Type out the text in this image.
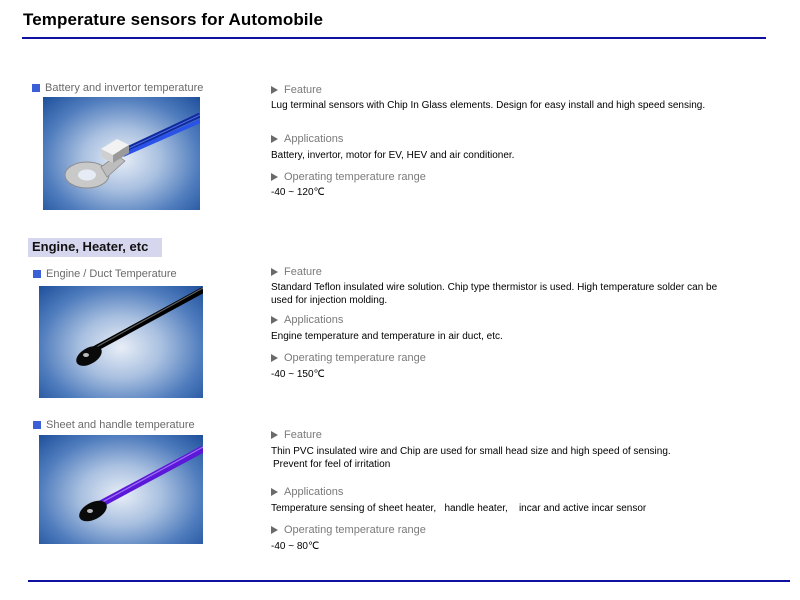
Temperature sensors for Automobile
Battery and invertor temperature	Feature
Lug terminal sensors with Chip In Glass elements. Design for easy install and high speed sensing.
Applications
Battery, invertor, motor for EV, HEV and air conditioner.
Operating temperature range
-40 ~ 120℃
Engine, Heater, etc
Engine / Duct Temperature	Feature
Standard Teflon insulated wire solution. Chip type thermistor is used. High temperature solder can be used for injection molding.
Applications
Engine temperature and temperature in air duct, etc.
Operating temperature range
-40 ~ 150℃
Sheet and handle temperature
Feature
Thin PVC insulated wire and Chip are used for small head size and high speed of sensing.
Prevent for feel of irritation
Applications
Temperature sensing of sheet heater,   handle heater,    incar and active incar sensor
Operating temperature range
-40 ~ 80℃
